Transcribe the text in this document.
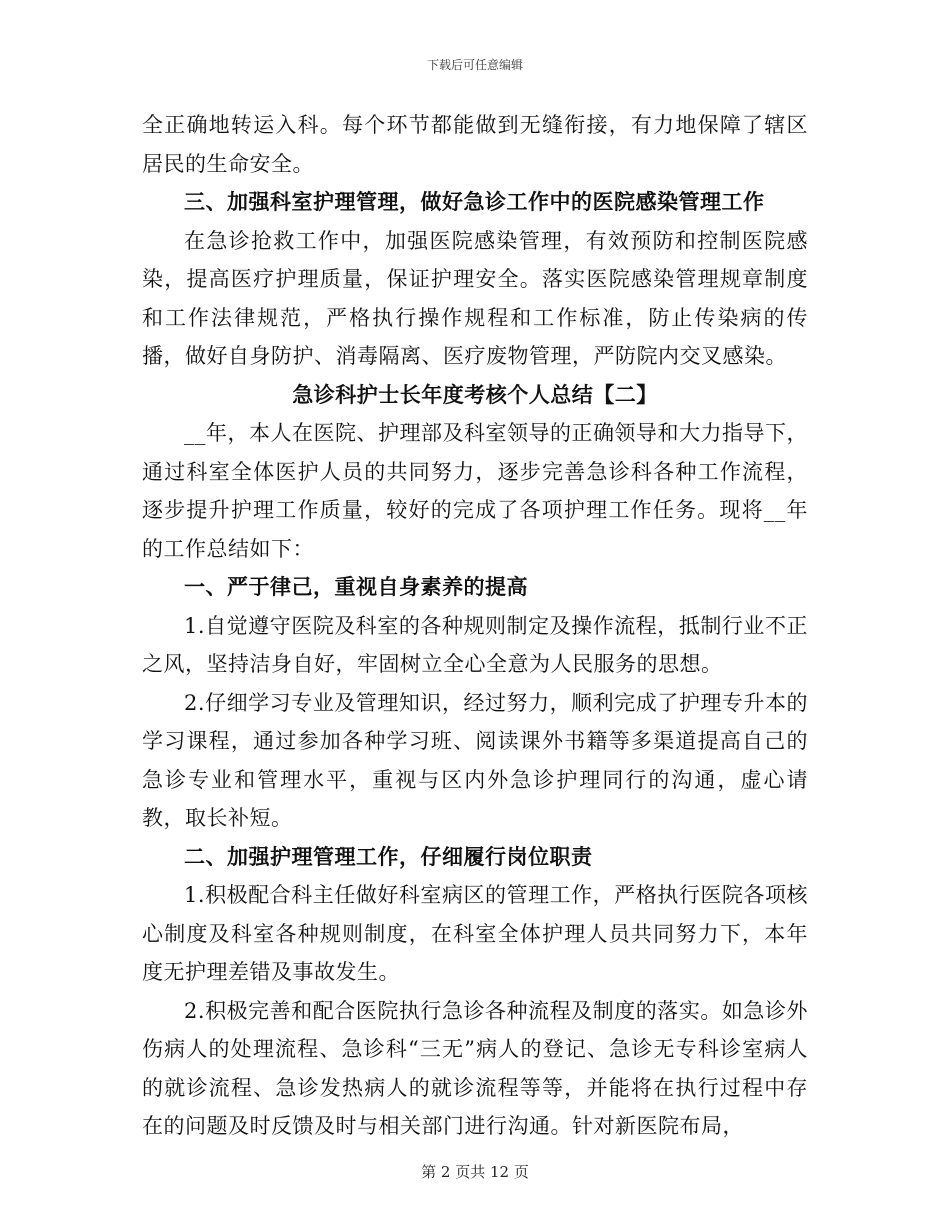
下载后可任意编辑

全正确地转运入科。每个环节都能做到无缝衔接，有力地保障了辖区居民的生命安全。

三、加强科室护理管理，做好急诊工作中的医院感染管理工作

在急诊抢救工作中，加强医院感染管理，有效预防和控制医院感染，提高医疗护理质量，保证护理安全。落实医院感染管理规章制度和工作法律规范，严格执行操作规程和工作标准，防止传染病的传播，做好自身防护、消毒隔离、医疗废物管理，严防院内交叉感染。

急诊科护士长年度考核个人总结【二】

__年，本人在医院、护理部及科室领导的正确领导和大力指导下，通过科室全体医护人员的共同努力，逐步完善急诊科各种工作流程，逐步提升护理工作质量，较好的完成了各项护理工作任务。现将__年的工作总结如下：

一、严于律己，重视自身素养的提高

1.自觉遵守医院及科室的各种规则制定及操作流程，抵制行业不正之风，坚持洁身自好，牢固树立全心全意为人民服务的思想。

2.仔细学习专业及管理知识，经过努力，顺利完成了护理专升本的学习课程，通过参加各种学习班、阅读课外书籍等多渠道提高自己的急诊专业和管理水平，重视与区内外急诊护理同行的沟通，虚心请教，取长补短。

二、加强护理管理工作，仔细履行岗位职责

1.积极配合科主任做好科室病区的管理工作，严格执行医院各项核心制度及科室各种规则制度，在科室全体护理人员共同努力下，本年度无护理差错及事故发生。

2.积极完善和配合医院执行急诊各种流程及制度的落实。如急诊外伤病人的处理流程、急诊科“三无”病人的登记、急诊无专科诊室病人的就诊流程、急诊发热病人的就诊流程等等，并能将在执行过程中存在的问题及时反馈及时与相关部门进行沟通。针对新医院布局，

第 2 页共 12 页
